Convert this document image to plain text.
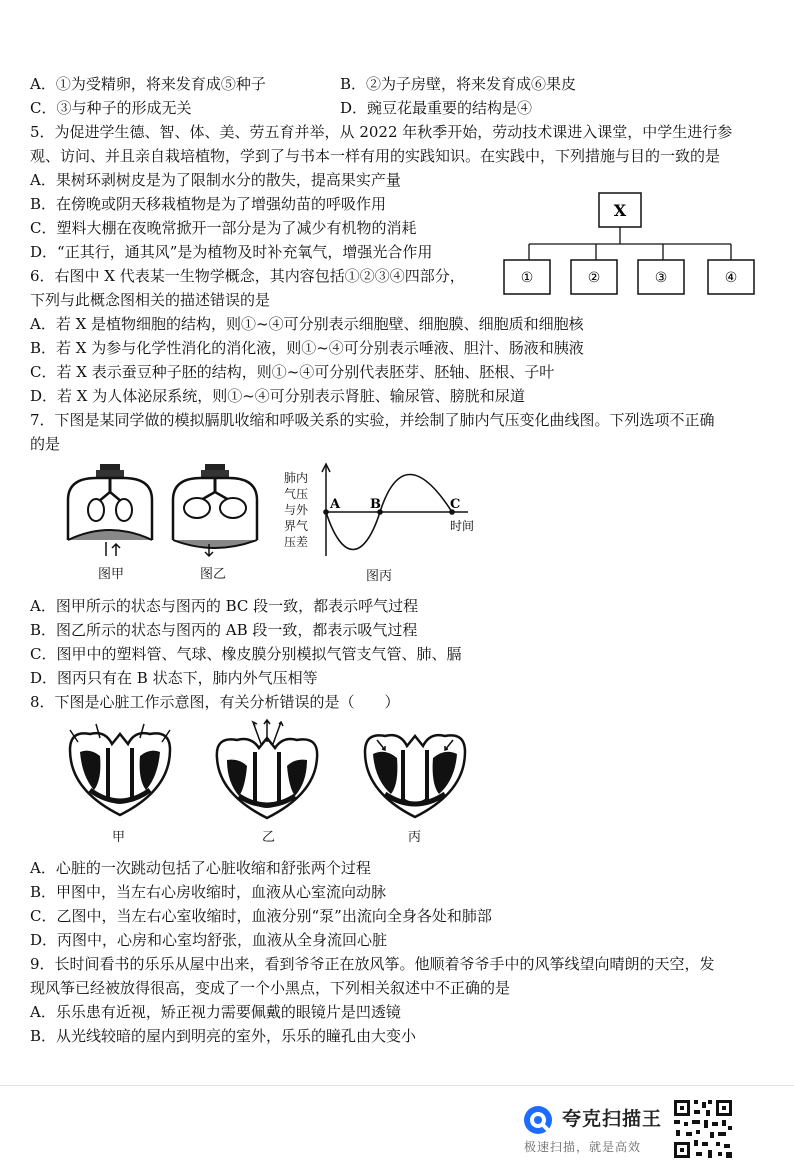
A．①为受精卵，将来发育成⑤种子	B．②为子房壁，将来发育成⑥果皮
C．③与种子的形成无关	D．豌豆花最重要的结构是④
5．为促进学生德、智、体、美、劳五育并举，从 2022 年秋季开始，劳动技术课进入课堂，中学生进行参
观、访问、并且亲自栽培植物，学到了与书本一样有用的实践知识。在实践中，下列措施与目的一致的是
A．果树环剥树皮是为了限制水分的散失，提高果实产量
B．在傍晚或阴天移栽植物是为了增强幼苗的呼吸作用
C．塑料大棚在夜晚常掀开一部分是为了减少有机物的消耗
D．“正其行，通其风”是为植物及时补充氧气，增强光合作用
X
①	②	③	④
6．右图中 X 代表某一生物学概念，其内容包括①②③④四部分，
下列与此概念图相关的描述错误的是
A．若 X 是植物细胞的结构，则①~④可分别表示细胞壁、细胞膜、细胞质和细胞核
B．若 X 为参与化学性消化的消化液，则①~④可分别表示唾液、胆汁、肠液和胰液
C．若 X 表示蚕豆种子胚的结构，则①~④可分别代表胚芽、胚轴、胚根、子叶
D．若 X 为人体泌尿系统，则①~④可分别表示肾脏、输尿管、膀胱和尿道
7．下图是某同学做的模拟膈肌收缩和呼吸关系的实验，并绘制了肺内气压变化曲线图。下列选项不正确
的是
图甲	图乙
肺内
气压
与外
界气
压差
A B	C
时间
图丙
A．图甲所示的状态与图丙的 BC 段一致，都表示呼气过程
B．图乙所示的状态与图丙的 AB 段一致，都表示吸气过程
C．图甲中的塑料管、气球、橡皮膜分别模拟气管支气管、肺、膈
D．图丙只有在 B 状态下，肺内外气压相等
8．下图是心脏工作示意图，有关分析错误的是（　　）
甲	乙	丙
A．心脏的一次跳动包括了心脏收缩和舒张两个过程
B．甲图中，当左右心房收缩时，血液从心室流向动脉
C．乙图中，当左右心室收缩时，血液分别“泵”出流向全身各处和肺部
D．丙图中，心房和心室均舒张，血液从全身流回心脏
9．长时间看书的乐乐从屋中出来，看到爷爷正在放风筝。他顺着爷爷手中的风筝线望向晴朗的天空，发
现风筝已经被放得很高，变成了一个小黑点，下列相关叙述中不正确的是
A．乐乐患有近视，矫正视力需要佩戴的眼镜片是凹透镜
B．从光线较暗的屋内到明亮的室外，乐乐的瞳孔由大变小
夸克扫描王
极速扫描，就是高效
